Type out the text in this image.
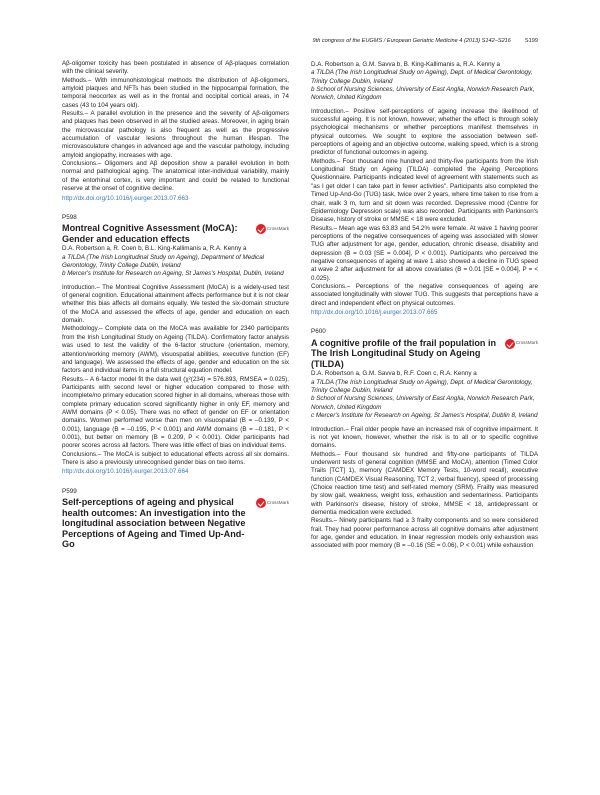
9th congress of the EUGMS / European Geriatric Medicine 4 (2013) S142–S216	S199

Aβ-oligomer toxicity has been postulated in absence of Aβ-plaques correlation with the clinical severity.

Methods.– With immunohistological methods the distribution of Aβ-oligomers, amyloid plaques and NFTs has been studied in the hippocampal formation, the temporal neocortex as well as in the frontal and occipital cortical areas, in 74 cases (43 to 104 years old).

Results.– A parallel evolution in the presence and the severity of Aβ-oligomers and plaques has been observed in all the studied areas. Moreover, in aging brain the microvascular pathology is also frequent as well as the progressive accumulation of vascular lesions throughout the human lifespan. The microvasculature changes in advanced age and the vascular pathology, including amyloid angiopathy, increases with age.

Conclusions.– Oligomers and Aβ deposition show a parallel evolution in both normal and pathological aging. The anatomical inter-individual variability, mainly of the entorhinal cortex, is very important and could be related to functional reserve at the onset of cognitive decline.

http://dx.doi.org/10.1016/j.eurger.2013.07.663

P598
Montreal Cognitive Assessment (MoCA): Gender and education effects
CrossMark

D.A. Robertson a, R. Coen b, B.L. King-Kallimanis a, R.A. Kenny a

a TILDA (The Irish Longitudinal Study on Ageing), Department of Medical Gerontology, Trinity College Dublin, Ireland

b Mercer's Institute for Research on Ageing, St James's Hospital, Dublin, Ireland

Introduction.– The Montreal Cognitive Assessment (MoCA) is a widely-used test of general cognition. Educational attainment affects performance but it is not clear whether this bias affects all domains equally. We tested the six-domain structure of the MoCA and assessed the effects of age, gender and education on each domain.

Methodology.– Complete data on the MoCA was available for 2340 participants from the Irish Longitudinal Study on Ageing (TILDA). Confirmatory factor analysis was used to test the validity of the 6-factor structure (orientation, memory, attention/working memory (AWM), visuospatial abilities, executive function (EF) and language). We assessed the effects of age, gender and education on the six factors and individual items in a full structural equation model.

Results.– A 6-factor model fit the data well (χ²(234) = 576.893, RMSEA = 0.025). Participants with second level or higher education compared to those with incomplete/no primary education scored higher in all domains, whereas those with complete primary education scored significantly higher in only EF, memory and AWM domains (P < 0.05). There was no effect of gender on EF or orientation domains. Women performed worse than men on visuospatial (B = –0.139, P < 0.001), language (B = –0.195, P < 0.001) and AWM domains (B = –0.181, P < 0.001), but better on memory (B = 0.209, P < 0.001). Older participants had poorer scores across all factors. There was little effect of bias on individual items.

Conclusions.– The MoCA is subject to educational effects across all six domains. There is also a previously unrecognised gender bias on two items.

http://dx.doi.org/10.1016/j.eurger.2013.07.664

P599
Self-perceptions of ageing and physical health outcomes: An investigation into the longitudinal association between Negative Perceptions of Ageing and Timed Up-And-Go
CrossMark

D.A. Robertson a, G.M. Savva b, B. King-Kallimanis a, R.A. Kenny a

a TILDA (The Irish Longitudinal Study on Ageing), Dept. of Medical Gerontology, Trinity College Dublin, Ireland

b School of Nursing Sciences, University of East Anglia, Norwich Research Park, Norwich, United Kingdom

Introduction.– Positive self-perceptions of ageing increase the likelihood of successful ageing. It is not known, however, whether the effect is through solely psychological mechanisms or whether perceptions manifest themselves in physical outcomes. We sought to explore the association between self-perceptions of ageing and an objective outcome, walking speed, which is a strong predictor of functional outcomes in ageing.

Methods.– Four thousand nine hundred and thirty-five participants from the Irish Longitudinal Study on Ageing (TILDA) completed the Ageing Perceptions Questionnaire. Participants indicated level of agreement with statements such as "as I get older I can take part in fewer activities". Participants also completed the Timed Up-And-Go (TUG) task, twice over 2 years, where time taken to rise from a chair, walk 3 m, turn and sit down was recorded. Depressive mood (Centre for Epidemiology Depression scale) was also recorded. Participants with Parkinson's Disease, history of stroke or MMSE < 18 were excluded.

Results.– Mean age was 63.83 and 54.2% were female. At wave 1 having poorer perceptions of the negative consequences of ageing was associated with slower TUG after adjustment for age, gender, education, chronic disease, disability and depression (B = 0.03 [SE = 0.004], P < 0.001). Participants who perceived the negative consequences of ageing at wave 1 also showed a decline in TUG speed at wave 2 after adjustment for all above covariates (B = 0.01 [SE = 0.004], P = < 0.025).

Conclusions.– Perceptions of the negative consequences of ageing are associated longitudinally with slower TUG. This suggests that perceptions have a direct and independent effect on physical outcomes.

http://dx.doi.org/10.1016/j.eurger.2013.07.665

P600
A cognitive profile of the frail population in The Irish Longitudinal Study on Ageing (TILDA)
CrossMark

D.A. Robertson a, G.M. Savva b, R.F. Coen c, R.A. Kenny a

a TILDA (The Irish Longitudinal Study on Ageing), Dept. of Medical Gerontology, Trinity College Dublin, Ireland

b School of Nursing Sciences, University of East Anglia, Norwich Research Park, Norwich, United Kingdom

c Mercer's Institute for Research on Ageing, St James's Hospital, Dublin 8, Ireland

Introduction.– Frail older people have an increased risk of cognitive impairment. It is not yet known, however, whether the risk is to all or to specific cognitive domains.

Methods.– Four thousand six hundred and fifty-one participants of TILDA underwent tests of general cognition (MMSE and MoCA), attention (Timed Color Trails [TCT] 1), memory (CAMDEX Memory Tests, 10-word recall), executive function (CAMDEX Visual Reasoning, TCT 2, verbal fluency), speed of processing (Choice reaction time test) and self-rated memory (SRM). Frailty was measured by slow gait, weakness, weight loss, exhaustion and sedentariness. Participants with Parkinson's disease, history of stroke, MMSE < 18, antidepressant or dementia medication were excluded.

Results.– Ninety participants had ≥ 3 frailty components and so were considered frail. They had poorer performance across all cognitive domains after adjustment for age, gender and education. In linear regression models only exhaustion was associated with poor memory (B = –0.16 (SE = 0.06), P < 0.01) while exhaustion
